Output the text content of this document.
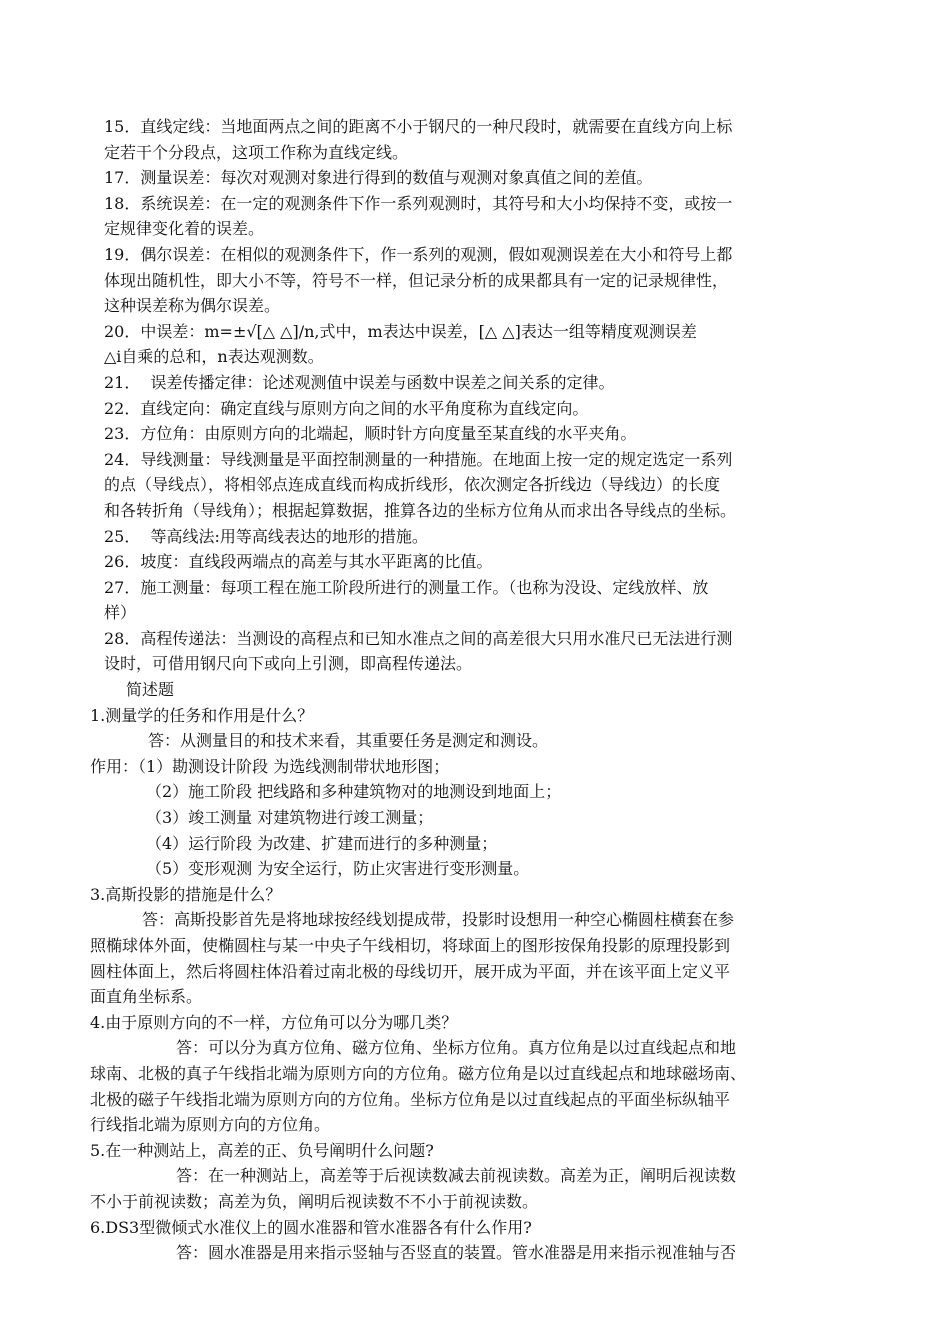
15．直线定线：当地面两点之间的距离不小于钢尺的一种尺段时，就需要在直线方向上标
定若干个分段点，这项工作称为直线定线。
17．测量误差：每次对观测对象进行得到的数值与观测对象真值之间的差值。
18．系统误差：在一定的观测条件下作一系列观测时，其符号和大小均保持不变，或按一
定规律变化着的误差。
19．偶尔误差：在相似的观测条件下，作一系列的观测，假如观测误差在大小和符号上都
体现出随机性，即大小不等，符号不一样，但记录分析的成果都具有一定的记录规律性，
这种误差称为偶尔误差。
20．中误差：m=±√[△ △]/n,式中，m表达中误差，[△ △]表达一组等精度观测误差
△i自乘的总和，n表达观测数。
21．  误差传播定律：论述观测值中误差与函数中误差之间关系的定律。
22．直线定向：确定直线与原则方向之间的水平角度称为直线定向。
23．方位角：由原则方向的北端起，顺时针方向度量至某直线的水平夹角。
24．导线测量：导线测量是平面控制测量的一种措施。在地面上按一定的规定选定一系列
的点（导线点），将相邻点连成直线而构成折线形，依次测定各折线边（导线边）的长度
和各转折角（导线角）；根据起算数据，推算各边的坐标方位角从而求出各导线点的坐标。
25．  等高线法:用等高线表达的地形的措施。
26．坡度：直线段两端点的高差与其水平距离的比值。
27．施工测量：每项工程在施工阶段所进行的测量工作。（也称为没设、定线放样、放
样）
28．高程传递法：当测设的高程点和已知水准点之间的高差很大只用水准尺已无法进行测
设时，可借用钢尺向下或向上引测，即高程传递法。
简述题
1.测量学的任务和作用是什么？
答：从测量目的和技术来看，其重要任务是测定和测设。
作用：（1）勘测设计阶段 为选线测制带状地形图；
（2）施工阶段 把线路和多种建筑物对的地测设到地面上；
（3）竣工测量 对建筑物进行竣工测量；
（4）运行阶段 为改建、扩建而进行的多种测量；
（5）变形观测 为安全运行，防止灾害进行变形测量。
3.高斯投影的措施是什么？
答：高斯投影首先是将地球按经线划提成带，投影时设想用一种空心椭圆柱横套在参
照椭球体外面，使椭圆柱与某一中央子午线相切，将球面上的图形按保角投影的原理投影到
圆柱体面上，然后将圆柱体沿着过南北极的母线切开，展开成为平面，并在该平面上定义平
面直角坐标系。
4.由于原则方向的不一样，方位角可以分为哪几类？
答：可以分为真方位角、磁方位角、坐标方位角。真方位角是以过直线起点和地
球南、北极的真子午线指北端为原则方向的方位角。磁方位角是以过直线起点和地球磁场南、
北极的磁子午线指北端为原则方向的方位角。坐标方位角是以过直线起点的平面坐标纵轴平
行线指北端为原则方向的方位角。
5.在一种测站上，高差的正、负号阐明什么问题?
答：在一种测站上，高差等于后视读数减去前视读数。高差为正，阐明后视读数
不小于前视读数；高差为负，阐明后视读数不不小于前视读数。
6.DS3型微倾式水准仪上的圆水准器和管水准器各有什么作用?
答：圆水准器是用来指示竖轴与否竖直的装置。管水准器是用来指示视准轴与否
